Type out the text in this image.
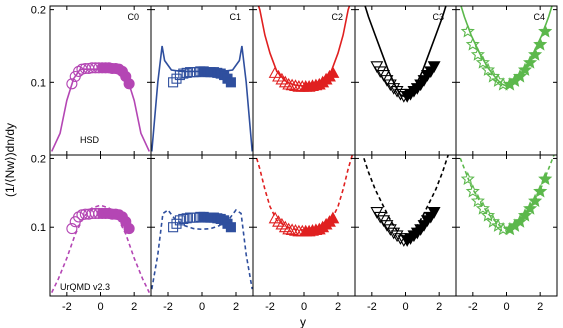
(1/⟨Nw⟩)dn/dy
y
0.1
0.2
HSD
C0	C1	C2	C3	C4
0.1
0.2
UrQMD v2.3
-2 0	2 -2 0	2 -2 0	2 -2 0	2 -2 0	2
